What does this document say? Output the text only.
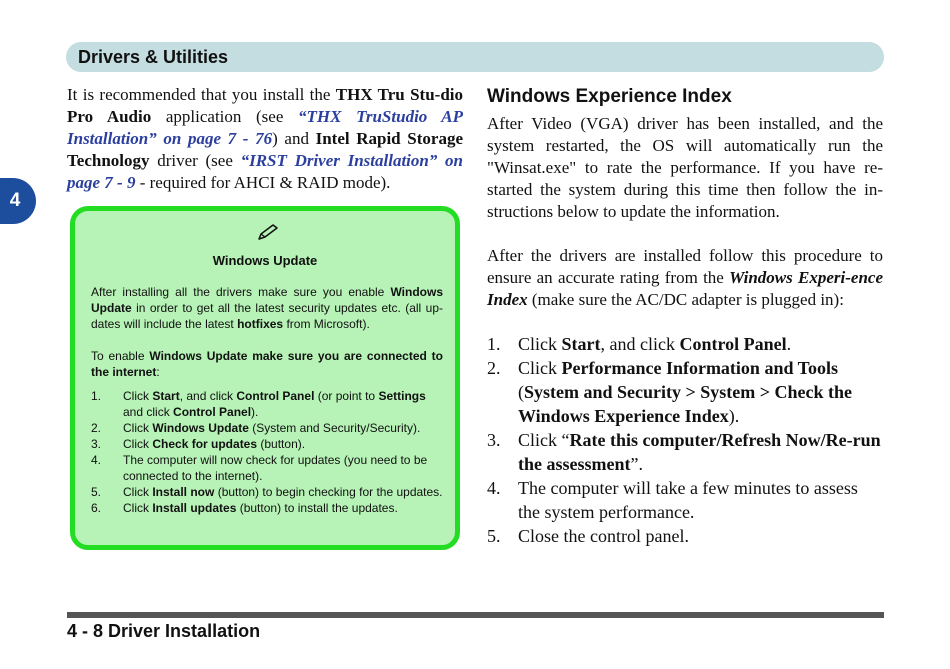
Drivers & Utilities
4
It is recommended that you install the THX Tru Stu-dio Pro Audio application (see “THX TruStudio AP Installation” on page 7 - 76) and Intel Rapid Storage Technology driver (see “IRST Driver Installation” on page 7 - 9 - required for AHCI & RAID mode).
Windows Update
After installing all the drivers make sure you enable Windows Update in order to get all the latest security updates etc. (all up-dates will include the latest hotfixes from Microsoft).
To enable Windows Update make sure you are connected to the internet:
1. Click Start, and click Control Panel (or point to Settings and click Control Panel).
2. Click Windows Update (System and Security/Security).
3. Click Check for updates (button).
4. The computer will now check for updates (you need to be connected to the internet).
5. Click Install now (button) to begin checking for the updates.
6. Click Install updates (button) to install the updates.
Windows Experience Index

After Video (VGA) driver has been installed, and the system restarted, the OS will automatically run the "Winsat.exe" to rate the performance. If you have re-started the system during this time then follow the in-structions below to update the information.

After the drivers are installed follow this procedure to ensure an accurate rating from the Windows Experi-ence Index (make sure the AC/DC adapter is plugged in):

1. Click Start, and click Control Panel.
2. Click Performance Information and Tools (System and Security > System > Check the Windows Experience Index).
3. Click “Rate this computer/Refresh Now/Re-run the assessment”.
4. The computer will take a few minutes to assess the system performance.
5. Close the control panel.
4 - 8 Driver Installation
